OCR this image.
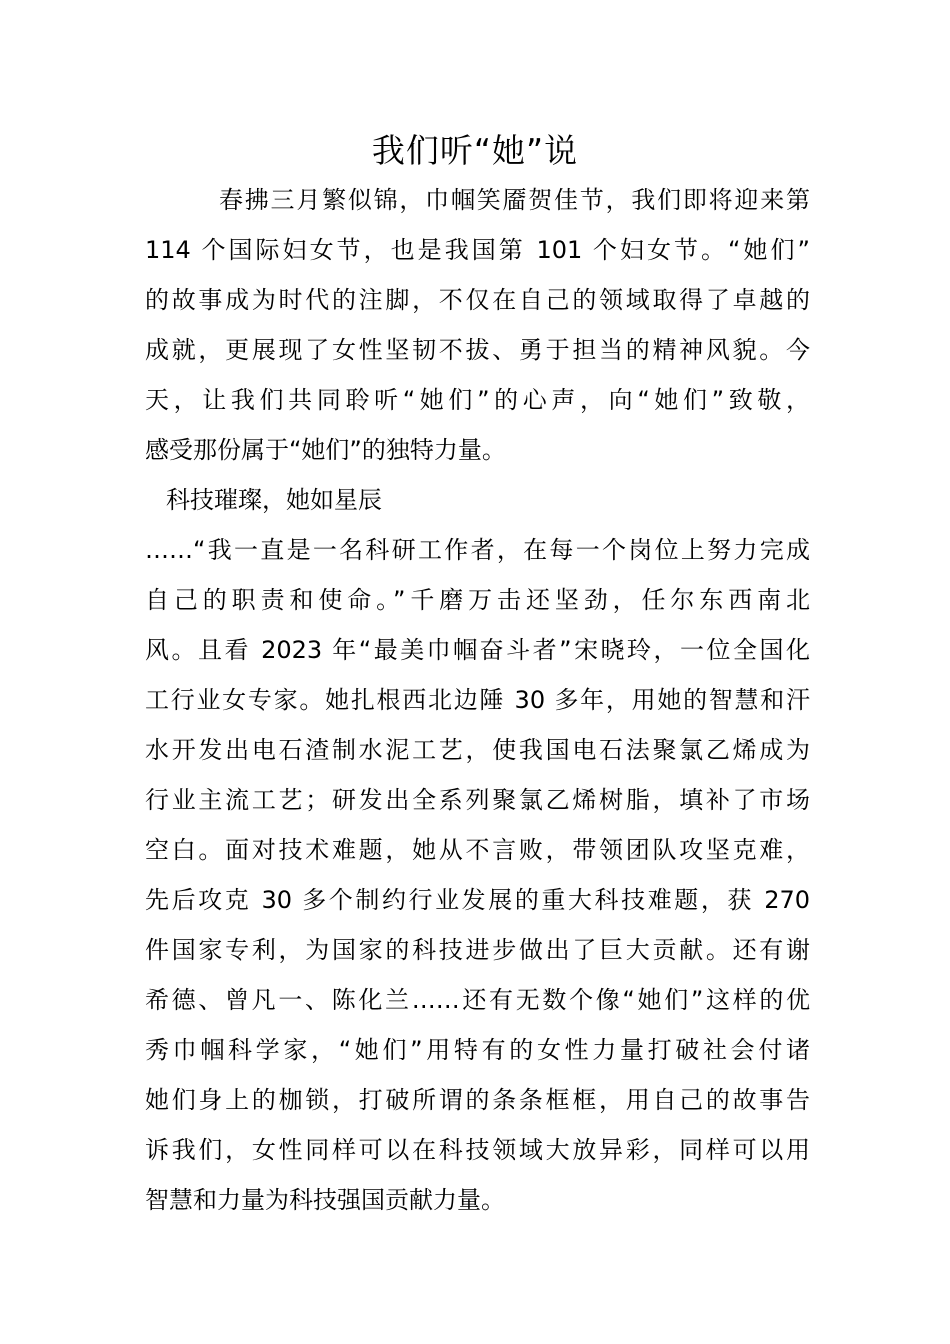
我们听“她”说
春拂三月繁似锦，巾帼笑靥贺佳节，我们即将迎来第
114 个国际妇女节，也是我国第 101 个妇女节。“她们”
的故事成为时代的注脚，不仅在自己的领域取得了卓越的
成就，更展现了女性坚韧不拔、勇于担当的精神风貌。今
天，让我们共同聆听“她们”的心声，向“她们”致敬，
感受那份属于“她们”的独特力量。
科技璀璨，她如星辰
……“我一直是一名科研工作者，在每一个岗位上努力完成
自己的职责和使命。”千磨万击还坚劲，任尔东西南北
风。且看 2023 年“最美巾帼奋斗者”宋晓玲，一位全国化
工行业女专家。她扎根西北边陲 30 多年，用她的智慧和汗
水开发出电石渣制水泥工艺，使我国电石法聚氯乙烯成为
行业主流工艺；研发出全系列聚氯乙烯树脂，填补了市场
空白。面对技术难题，她从不言败，带领团队攻坚克难，
先后攻克 30 多个制约行业发展的重大科技难题，获 270
件国家专利，为国家的科技进步做出了巨大贡献。还有谢
希德、曾凡一、陈化兰……还有无数个像“她们”这样的优
秀巾帼科学家，“她们”用特有的女性力量打破社会付诸
她们身上的枷锁，打破所谓的条条框框，用自己的故事告
诉我们，女性同样可以在科技领域大放异彩，同样可以用
智慧和力量为科技强国贡献力量。
